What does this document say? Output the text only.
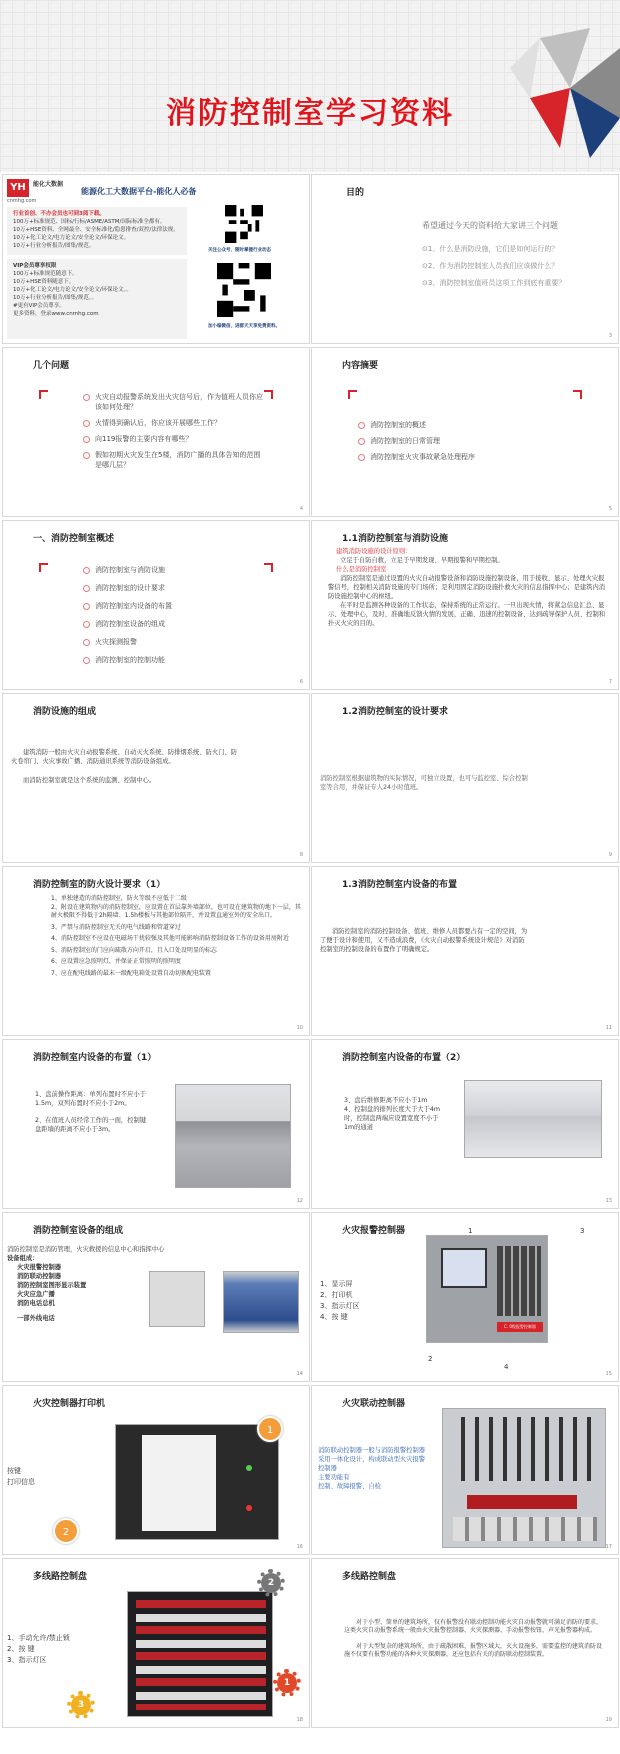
消防控制室学习资料
YH	能化大数据
cnmhg.com
能源化工大数据平台-能化人必备
行业首创、不办会员也可到3阅下载。
100万+标准规范、国标/行标/ASME/ASTM/国际标准全都有。
10万+HSE资料、全网最全、安全标准化/隐患排查/双控/法律法规。
10万+化工论文/电力论文/安全论文/环保论文。
10万+行业分析报告/图集/规范。
VIP会员尊享权限
100万+标准规范随意下。
10万+HSE资料随意下。
10万+化工论文/电力论文/安全论文/环保论文。。
10万+行业分析报告/图集/规范。。
#更有VIP会员尊享。
更多资料，登录www.cnmhg.com
关注公众号，随时掌握行业动态
加小编微信，进群天天享免费资料。
目的
希望通过今天的资料给大家讲三个问题
⊙1、什么是消防设施，它们是如何运行的？
⊙2、作为消防控制室人员我们应该做什么？
⊙3、消防控制室值班员这项工作到底有重要？
3
几个问题
火灾自动报警系统发出火灾信号后，作为值班人员你应该如何处理？
火情得到确认后，你应该开展哪些工作？
向119报警的主要内容有哪些？
假如初期火灾发生在5楼，消防广播的具体告知的范围是哪几层？
4
内容摘要
消防控制室的概述
消防控制室的日常管理
消防控制室火灾事故紧急处理程序
5
一、消防控制室概述
消防控制室与消防设施
消防控制室的设计要求
消防控制室内设备的布置
消防控制室设备的组成
火灾探测报警
消防控制室的控制功能
6
1.1消防控制室与消防设施
建筑消防设施的设计原则：
立足于自防自救，立足于早期发现、早期报警和早期控制。
什么是消防控制室
消防控制室是通过设置的火灾自动报警设备和消防设施控制设备，用于接收、显示、处理火灾报警信号，控制相关消防设施的专门场所；是利用固定消防设施扑救火灾的信息指挥中心；是建筑内消防设施控制中心的枢纽。
在平时是监测各种设备的工作状态，保持系统的正常运行。一旦出现火情，将紧急信息汇总、显示、处理中心，及时、准确地反馈火情的发展，正确、迅速的控制设备、达到疏导保护人员、控制和扑灭火灾的目的。
7
消防设施的组成
建筑消防一般由火灾自动报警系统、自动灭火系统、防排烟系统、防火门、防火卷帘门、火灾事故广播、消防通讯系统等消防设备组成。
而消防控制室就是这个系统的监测、控制中心。
8
1.2消防控制室的设计要求
消防控制室根据建筑物的实际情况，可独立设置，也可与监控室、综合控制室等合用，并保证专人24小时值班。
9
消防控制室的防火设计要求（1）
1、单独建造的消防控制室，防火等级不应低于二级
2、附设在建筑物内的消防控制室，应设置在首层靠外墙部位，也可设在建筑物的地下一层，其耐火极限不得低于2h隔墙、1.5h楼板与其他部位隔开，并设置直通室外的安全出口。
3、严禁与消防控制室无关的电气线路和管道穿过
4、消防控制室不应设在电磁场干扰较强及其他可能影响消防控制设备工作的设备用房附近
5、消防控制室的门应向疏散方向开启，且入口处设明显的标志
6、应设置应急照明灯，并保证正常照明的照明度
7、应在配电线路的最末一级配电箱处设置自动切换配电装置
10
1.3消防控制室内设备的布置
消防控制室的消防控制设备、值班、维修人员都要占有一定的空间，为了便于设计和使用，又不造成浪费，《火灾自动报警系统设计规范》对消防控制室的控制设备的布置作了明确规定。
11
消防控制室内设备的布置（1）
1、盘前操作距离：单列布置时不应小于1.5m，双列布置时不应小于2m。
2、在值班人员经常工作的一面，控制键盘距墙的距离不应小于3m。
12
消防控制室内设备的布置（2）
3、盘后维修距离不应小于1m
4、控制盘的排列长度大于大于4m时，控制盘两端应设置宽度不小于1m的通道
13
消防控制室设备的组成
消防控制室是消防管理，火灾救援的信息中心和指挥中心
设备组成：
火灾报警控制器
消防联动控制器
消防控制室图形显示装置
火灾应急广播
消防电话总机
一部外线电话
14
火灾报警控制器
1、显示屏
2、打印机
3、指示灯区
4、按 键
C. 0级报警控制器
1	3
2
4
15
火灾控制器打印机
按键
打印信息
1
2
16
火灾联动控制器
消防联动控制器一般与消防报警控制器采用一体化设计，构成联动型火灾报警控制器
主要功能有
控制、故障报警、自检
17
多线路控制盘
1、手动允许/禁止锁
2、按 键
3、指示灯区
2
1
3
18
多线路控制盘
对于小型、简单的建筑场所，仅有报警没有联动控制功能火灾自动报警就可满足消防的要求，这类火灾自动报警系统一般由火灾报警控制器、火灾探测器、手动报警按钮、声光报警器构成。
对于大型复杂的建筑场所，由于疏散困难、报警区域大，灭火设施多，需要监控的建筑消防设施不仅要有报警功能的各种火灾探测器，还应包括有关的消防联动控制装置。
19
